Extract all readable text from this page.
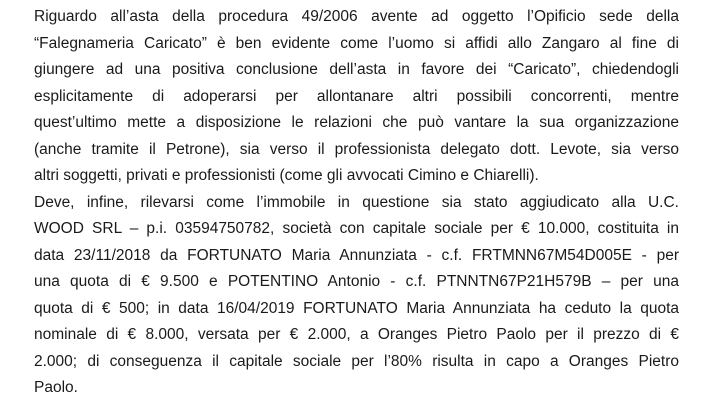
Riguardo all’asta della procedura 49/2006 avente ad oggetto l’Opificio sede della
“Falegnameria Caricato” è ben evidente come l’uomo si affidi allo Zangaro al fine di
giungere ad una positiva conclusione dell’asta in favore dei “Caricato”, chiedendogli
esplicitamente di adoperarsi per allontanare altri possibili concorrenti, mentre
quest’ultimo mette a disposizione le relazioni che può vantare la sua organizzazione
(anche tramite il Petrone), sia verso il professionista delegato dott. Levote, sia verso
altri soggetti, privati e professionisti (come gli avvocati Cimino e Chiarelli).
Deve, infine, rilevarsi come l’immobile in questione sia stato aggiudicato alla U.C.
WOOD SRL – p.i. 03594750782, società con capitale sociale per € 10.000, costituita in
data 23/11/2018 da FORTUNATO Maria Annunziata - c.f. FRTMNN67M54D005E - per
una quota di € 9.500 e POTENTINO Antonio - c.f. PTNNTN67P21H579B – per una
quota di € 500; in data 16/04/2019 FORTUNATO Maria Annunziata ha ceduto la quota
nominale di € 8.000, versata per € 2.000, a Oranges Pietro Paolo per il prezzo di €
2.000; di conseguenza il capitale sociale per l’80% risulta in capo a Oranges Pietro
Paolo.
